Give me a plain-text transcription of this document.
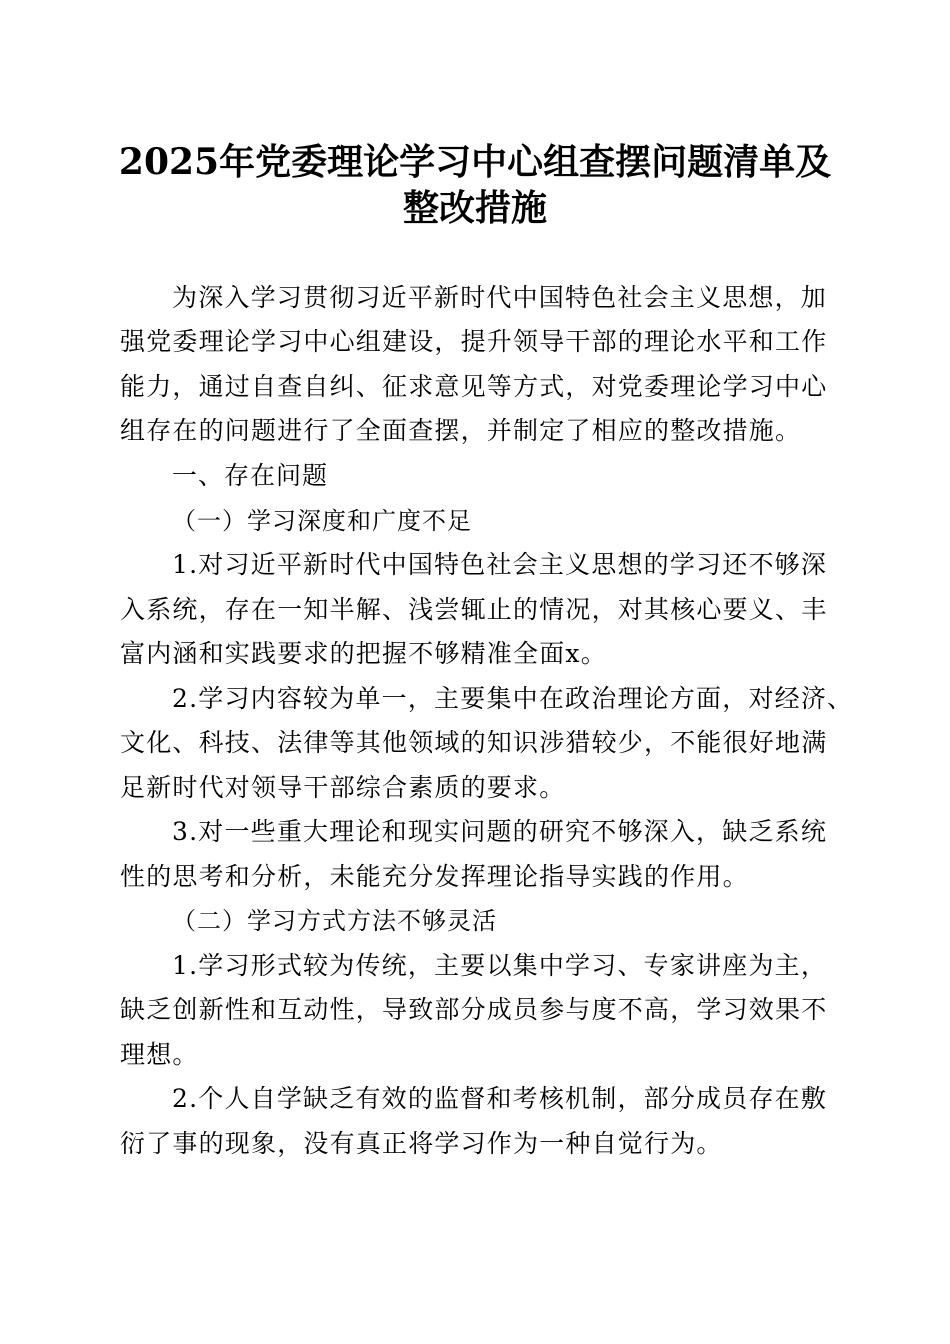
2025年党委理论学习中心组查摆问题清单及
整改措施
为深入学习贯彻习近平新时代中国特色社会主义思想，加
强党委理论学习中心组建设，提升领导干部的理论水平和工作
能力，通过自查自纠、征求意见等方式，对党委理论学习中心
组存在的问题进行了全面查摆，并制定了相应的整改措施。
一、存在问题
（一）学习深度和广度不足
1.对习近平新时代中国特色社会主义思想的学习还不够深
入系统，存在一知半解、浅尝辄止的情况，对其核心要义、丰
富内涵和实践要求的把握不够精准全面x。
2.学习内容较为单一，主要集中在政治理论方面，对经济、
文化、科技、法律等其他领域的知识涉猎较少，不能很好地满
足新时代对领导干部综合素质的要求。
3.对一些重大理论和现实问题的研究不够深入，缺乏系统
性的思考和分析，未能充分发挥理论指导实践的作用。
（二）学习方式方法不够灵活
1.学习形式较为传统，主要以集中学习、专家讲座为主，
缺乏创新性和互动性，导致部分成员参与度不高，学习效果不
理想。
2.个人自学缺乏有效的监督和考核机制，部分成员存在敷
衍了事的现象，没有真正将学习作为一种自觉行为。
